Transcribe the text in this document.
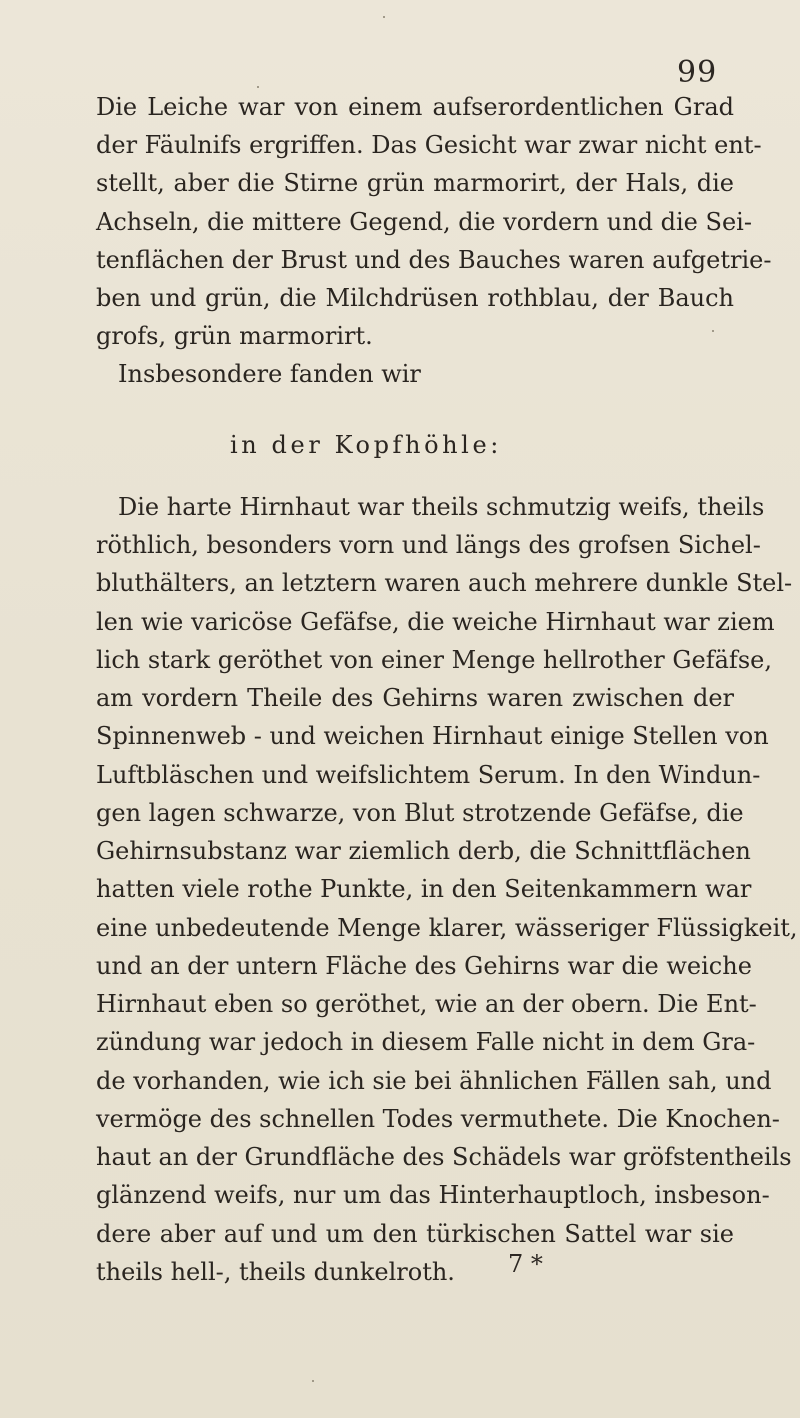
99
Die Leiche war von einem aufserordentlichen Grad
der Fäulnifs ergriffen. Das Gesicht war zwar nicht ent-
stellt, aber die Stirne grün marmorirt, der Hals, die
Achseln, die mittere Gegend, die vordern und die Sei-
tenflächen der Brust und des Bauches waren aufgetrie-
ben und grün, die Milchdrüsen rothblau, der Bauch
grofs, grün marmorirt.
Insbesondere fanden wir
in der Kopfhöhle:
Die harte Hirnhaut war theils schmutzig weifs, theils
röthlich, besonders vorn und längs des grofsen Sichel-
bluthälters, an letztern waren auch mehrere dunkle Stel-
len wie varicöse Gefäfse, die weiche Hirnhaut war ziem
lich stark geröthet von einer Menge hellrother Gefäfse,
am vordern Theile des Gehirns waren zwischen der
Spinnenweb - und weichen Hirnhaut einige Stellen von
Luftbläschen und weifslichtem Serum. In den Windun-
gen lagen schwarze, von Blut strotzende Gefäfse, die
Gehirnsubstanz war ziemlich derb, die Schnittflächen
hatten viele rothe Punkte, in den Seitenkammern war
eine unbedeutende Menge klarer, wässeriger Flüssigkeit,
und an der untern Fläche des Gehirns war die weiche
Hirnhaut eben so geröthet, wie an der obern. Die Ent-
zündung war jedoch in diesem Falle nicht in dem Gra-
de vorhanden, wie ich sie bei ähnlichen Fällen sah, und
vermöge des schnellen Todes vermuthete. Die Knochen-
haut an der Grundfläche des Schädels war gröfstentheils
glänzend weifs, nur um das Hinterhauptloch, insbeson-
dere aber auf und um den türkischen Sattel war sie
theils hell-, theils dunkelroth. 7 *
